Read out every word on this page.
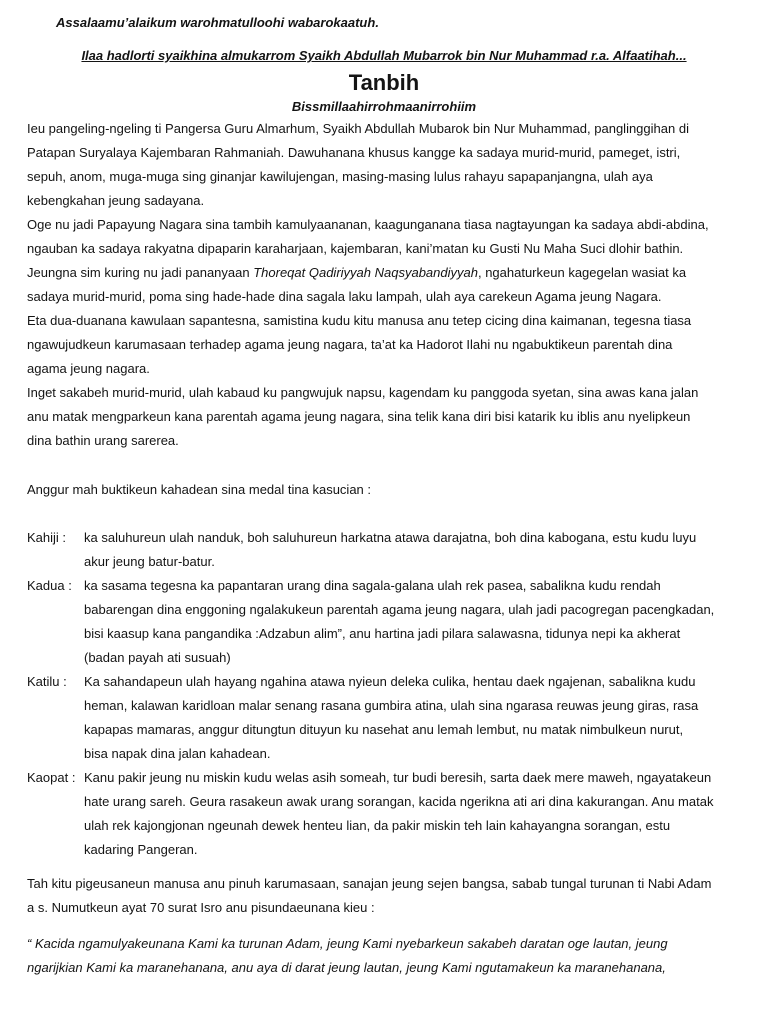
Assalaamu’alaikum warohmatulloohi wabarokaatuh.
Ilaa hadlorti syaikhina almukarrom Syaikh Abdullah Mubarrok bin Nur Muhammad r.a. Alfaatihah...
Tanbih
Bissmillaahirrohmaanirrohiim
Ieu pangeling-ngeling ti Pangersa Guru Almarhum, Syaikh Abdullah Mubarok bin Nur Muhammad, panglinggihan di
Patapan Suryalaya Kajembaran Rahmaniah. Dawuhanana khusus kangge ka sadaya murid-murid, pameget, istri,
sepuh, anom, muga-muga sing ginanjar kawilujengan, masing-masing lulus rahayu sapapanjangna, ulah aya
kebengkahan jeung sadayana.
Oge nu jadi Papayung Nagara sina tambih kamulyaananan, kaagunganana tiasa nagtayungan ka sadaya abdi-abdina,
ngauban ka sadaya rakyatna dipaparin karaharjaan, kajembaran, kani’matan ku Gusti Nu Maha Suci dlohir bathin.
Jeungna sim kuring nu jadi pananyaan Thoreqat Qadiriyyah Naqsyabandiyyah, ngahaturkeun kagegelan wasiat ka
sadaya murid-murid, poma sing hade-hade dina sagala laku lampah, ulah aya carekeun Agama jeung Nagara.
Eta dua-duanana kawulaan sapantesna, samistina kudu kitu manusa anu tetep cicing dina kaimanan, tegesna tiasa
ngawujudkeun karumasaan terhadep agama jeung nagara, ta’at ka Hadorot Ilahi nu ngabuktikeun parentah dina
agama jeung nagara.
Inget sakabeh murid-murid, ulah kabaud ku pangwujuk napsu, kagendam ku panggoda syetan, sina awas kana jalan
anu matak mengparkeun kana parentah agama jeung nagara, sina telik kana diri bisi katarik ku iblis anu nyelipkeun
dina bathin urang sarerea.
Anggur mah buktikeun kahadean sina medal tina kasucian :
Kahiji : ka saluhureun ulah nanduk, boh saluhureun harkatna atawa darajatna, boh dina kabogana, estu kudu luyu
akur jeung batur-batur.
Kadua : ka sasama tegesna ka papantaran urang dina sagala-galana ulah rek pasea, sabalikna kudu rendah
babarengan dina enggoning ngalakukeun parentah agama jeung nagara, ulah jadi pacogregan pacengkadan,
bisi kaasup kana pangandika :Adzabun alim”, anu hartina jadi pilara salawasna, tidunya nepi ka akherat
(badan payah ati susuah)
Katilu : Ka sahandapeun ulah hayang ngahina atawa nyieun deleka culika, hentau daek ngajenan, sabalikna kudu
heman, kalawan karidloan malar senang rasana gumbira atina, ulah sina ngarasa reuwas jeung giras, rasa
kapapas mamaras, anggur ditungtun dituyun ku nasehat anu lemah lembut, nu matak nimbulkeun nurut,
bisa napak dina jalan kahadean.
Kaopat : Kanu pakir jeung nu miskin kudu welas asih someah, tur budi beresih, sarta daek mere maweh, ngayatakeun
hate urang sareh. Geura rasakeun awak urang sorangan, kacida ngerikna ati ari dina kakurangan. Anu matak
ulah rek kajongjonan ngeunah dewek henteu lian, da pakir miskin teh lain kahayangna sorangan, estu
kadaring Pangeran.
Tah kitu pigeusaneun manusa anu pinuh karumasaan, sanajan jeung sejen bangsa, sabab tungal turunan ti Nabi Adam
a s. Numutkeun ayat 70 surat Isro anu pisundaeunana kieu :
“ Kacida ngamulyakeunana Kami ka turunan Adam, jeung Kami nyebarkeun sakabeh daratan oge lautan, jeung
ngarijkian Kami ka maranehanana, anu aya di darat jeung lautan, jeung Kami ngutamakeun ka maranehanana,
